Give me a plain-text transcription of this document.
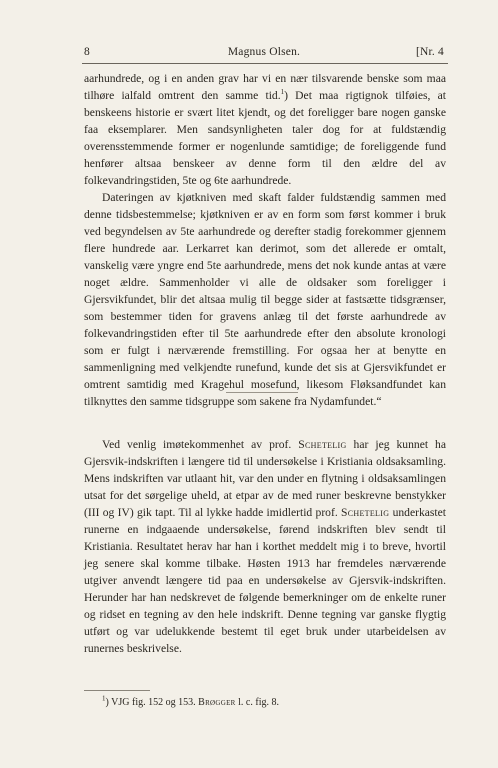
8	Magnus Olsen.	[Nr. 4

aarhundrede, og i en anden grav har vi en nær tilsvarende benske som maa tilhøre ialfald omtrent den samme tid.$^1$) Det maa rigtignok tilføies, at benskeens historie er svært litet kjendt, og det foreligger bare nogen ganske faa eksemplarer. Men sandsynligheten taler dog for at fuldstændig overensstemmende former er nogenlunde samtidige; de foreliggende fund henfører altsaa benskeer av denne form til den ældre del av folkevandringstiden, 5te og 6te aarhundrede.

Dateringen av kjøtkniven med skaft falder fuldstændig sammen med denne tidsbestemmelse; kjøtkniven er av en form som først kommer i bruk ved begyndelsen av 5te aarhundrede og derefter stadig forekommer gjennem flere hundrede aar. Lerkarret kan derimot, som det allerede er omtalt, vanskelig være yngre end 5te aarhundrede, mens det nok kunde antas at være noget ældre. Sammenholder vi alle de oldsaker som foreligger i Gjersvikfundet, blir det altsaa mulig til begge sider at fastsætte tidsgrænser, som bestemmer tiden for gravens anlæg til det første aarhundrede av folkevandringstiden efter til 5te aarhundrede efter den absolute kronologi som er fulgt i nærværende fremstilling. For ogsaa her at benytte en sammenligning med velkjendte runefund, kunde det sis at Gjersvikfundet er omtrent samtidig med Kragehul mosefund, likesom Fløksandfundet kan tilknyttes den samme tidsgruppe som sakene fra Nydamfundet.“

Ved venlig imøtekommenhet av prof. Schetelig har jeg kunnet ha Gjersvik-indskriften i længere tid til undersøkelse i Kristiania oldsaksamling. Mens indskriften var utlaant hit, var den under en flytning i oldsaksamlingen utsat for det sørgelige uheld, at etpar av de med runer beskrevne benstykker (III og IV) gik tapt. Til al lykke hadde imidlertid prof. Schetelig underkastet runerne en indgaaende undersøkelse, førend indskriften blev sendt til Kristiania. Resultatet herav har han i korthet meddelt mig i to breve, hvortil jeg senere skal komme tilbake. Høsten 1913 har fremdeles nærværende utgiver anvendt længere tid paa en undersøkelse av Gjersvik-indskriften. Herunder har han nedskrevet de følgende bemerkninger om de enkelte runer og ridset en tegning av den hele indskrift. Denne tegning var ganske flygtig utført og var udelukkende bestemt til eget bruk under utarbeidelsen av runernes beskrivelse.

$^1$) VJG fig. 152 og 153. Brøgger l. c. fig. 8.
